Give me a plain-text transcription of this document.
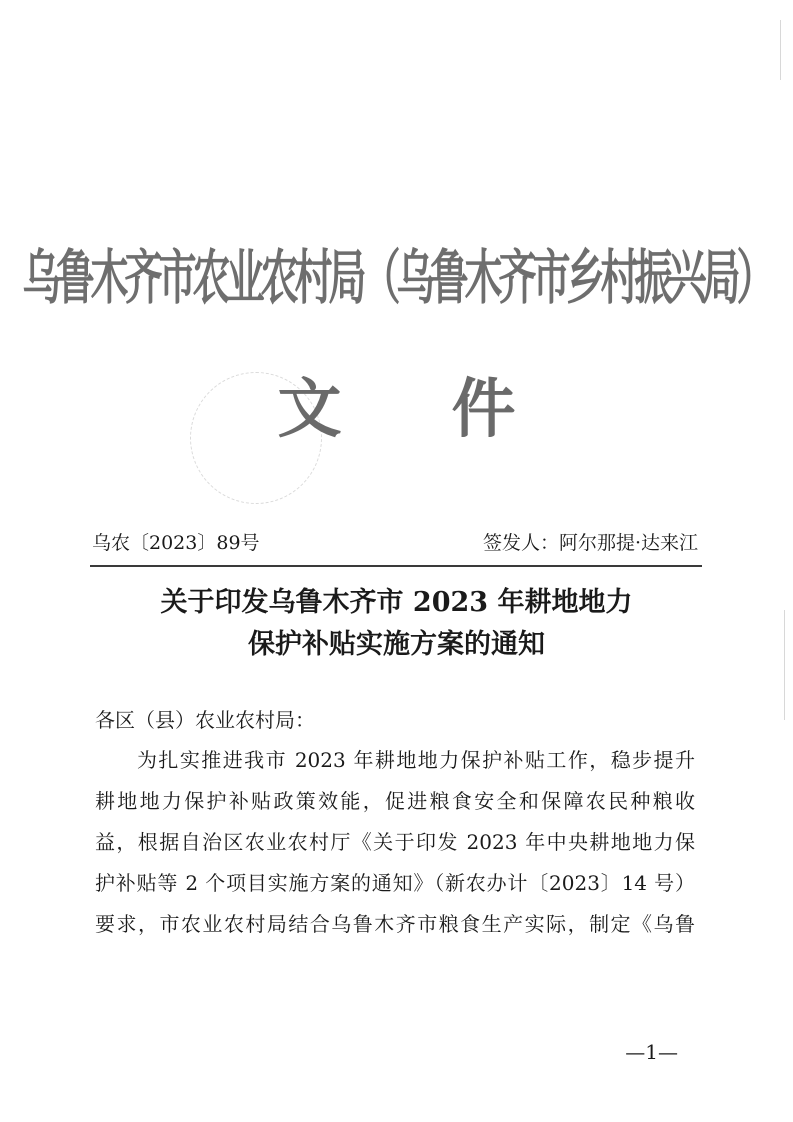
乌鲁木齐市农业农村局（乌鲁木齐市乡村振兴局）
文件
乌农〔2023〕89号	签发人：阿尔那提·达来江
关于印发乌鲁木齐市 2023 年耕地地力
保护补贴实施方案的通知
各区（县）农业农村局：
为扎实推进我市 2023 年耕地地力保护补贴工作，稳步提升
耕地地力保护补贴政策效能，促进粮食安全和保障农民种粮收
益，根据自治区农业农村厅《关于印发 2023 年中央耕地地力保
护补贴等 2 个项目实施方案的通知》（新农办计〔2023〕14 号）
要求，市农业农村局结合乌鲁木齐市粮食生产实际，制定《乌鲁
—1—
